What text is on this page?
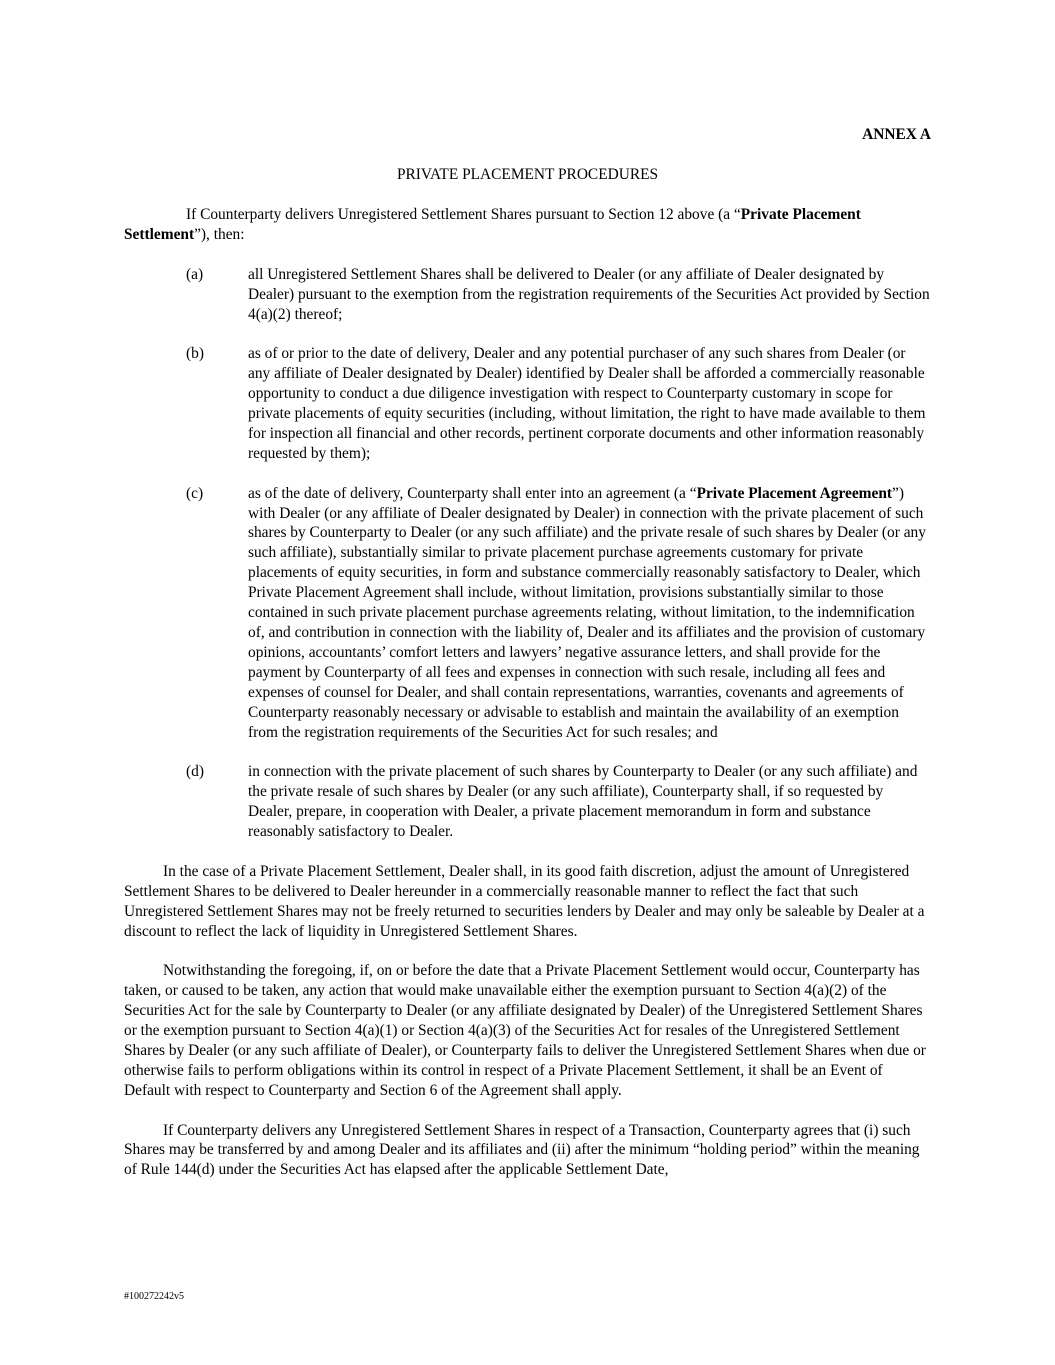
ANNEX A

PRIVATE PLACEMENT PROCEDURES

If Counterparty delivers Unregistered Settlement Shares pursuant to Section 12 above (a “Private Placement Settlement”), then:

(a)	all Unregistered Settlement Shares shall be delivered to Dealer (or any affiliate of Dealer designated by Dealer) pursuant to the exemption from the registration requirements of the Securities Act provided by Section 4(a)(2) thereof;
(b)	as of or prior to the date of delivery, Dealer and any potential purchaser of any such shares from Dealer (or any affiliate of Dealer designated by Dealer) identified by Dealer shall be afforded a commercially reasonable opportunity to conduct a due diligence investigation with respect to Counterparty customary in scope for private placements of equity securities (including, without limitation, the right to have made available to them for inspection all financial and other records, pertinent corporate documents and other information reasonably requested by them);
(c)	as of the date of delivery, Counterparty shall enter into an agreement (a “Private Placement Agreement”) with Dealer (or any affiliate of Dealer designated by Dealer) in connection with the private placement of such shares by Counterparty to Dealer (or any such affiliate) and the private resale of such shares by Dealer (or any such affiliate), substantially similar to private placement purchase agreements customary for private placements of equity securities, in form and substance commercially reasonably satisfactory to Dealer, which Private Placement Agreement shall include, without limitation, provisions substantially similar to those contained in such private placement purchase agreements relating, without limitation, to the indemnification of, and contribution in connection with the liability of, Dealer and its affiliates and the provision of customary opinions, accountants’ comfort letters and lawyers’ negative assurance letters, and shall provide for the payment by Counterparty of all fees and expenses in connection with such resale, including all fees and expenses of counsel for Dealer, and shall contain representations, warranties, covenants and agreements of Counterparty reasonably necessary or advisable to establish and maintain the availability of an exemption from the registration requirements of the Securities Act for such resales; and
(d)	in connection with the private placement of such shares by Counterparty to Dealer (or any such affiliate) and the private resale of such shares by Dealer (or any such affiliate), Counterparty shall, if so requested by Dealer, prepare, in cooperation with Dealer, a private placement memorandum in form and substance reasonably satisfactory to Dealer.

In the case of a Private Placement Settlement, Dealer shall, in its good faith discretion, adjust the amount of Unregistered Settlement Shares to be delivered to Dealer hereunder in a commercially reasonable manner to reflect the fact that such Unregistered Settlement Shares may not be freely returned to securities lenders by Dealer and may only be saleable by Dealer at a discount to reflect the lack of liquidity in Unregistered Settlement Shares.

Notwithstanding the foregoing, if, on or before the date that a Private Placement Settlement would occur, Counterparty has taken, or caused to be taken, any action that would make unavailable either the exemption pursuant to Section 4(a)(2) of the Securities Act for the sale by Counterparty to Dealer (or any affiliate designated by Dealer) of the Unregistered Settlement Shares or the exemption pursuant to Section 4(a)(1) or Section 4(a)(3) of the Securities Act for resales of the Unregistered Settlement Shares by Dealer (or any such affiliate of Dealer), or Counterparty fails to deliver the Unregistered Settlement Shares when due or otherwise fails to perform obligations within its control in respect of a Private Placement Settlement, it shall be an Event of Default with respect to Counterparty and Section 6 of the Agreement shall apply.

If Counterparty delivers any Unregistered Settlement Shares in respect of a Transaction, Counterparty agrees that (i) such Shares may be transferred by and among Dealer and its affiliates and (ii) after the minimum “holding period” within the meaning of Rule 144(d) under the Securities Act has elapsed after the applicable Settlement Date,

#100272242v5
